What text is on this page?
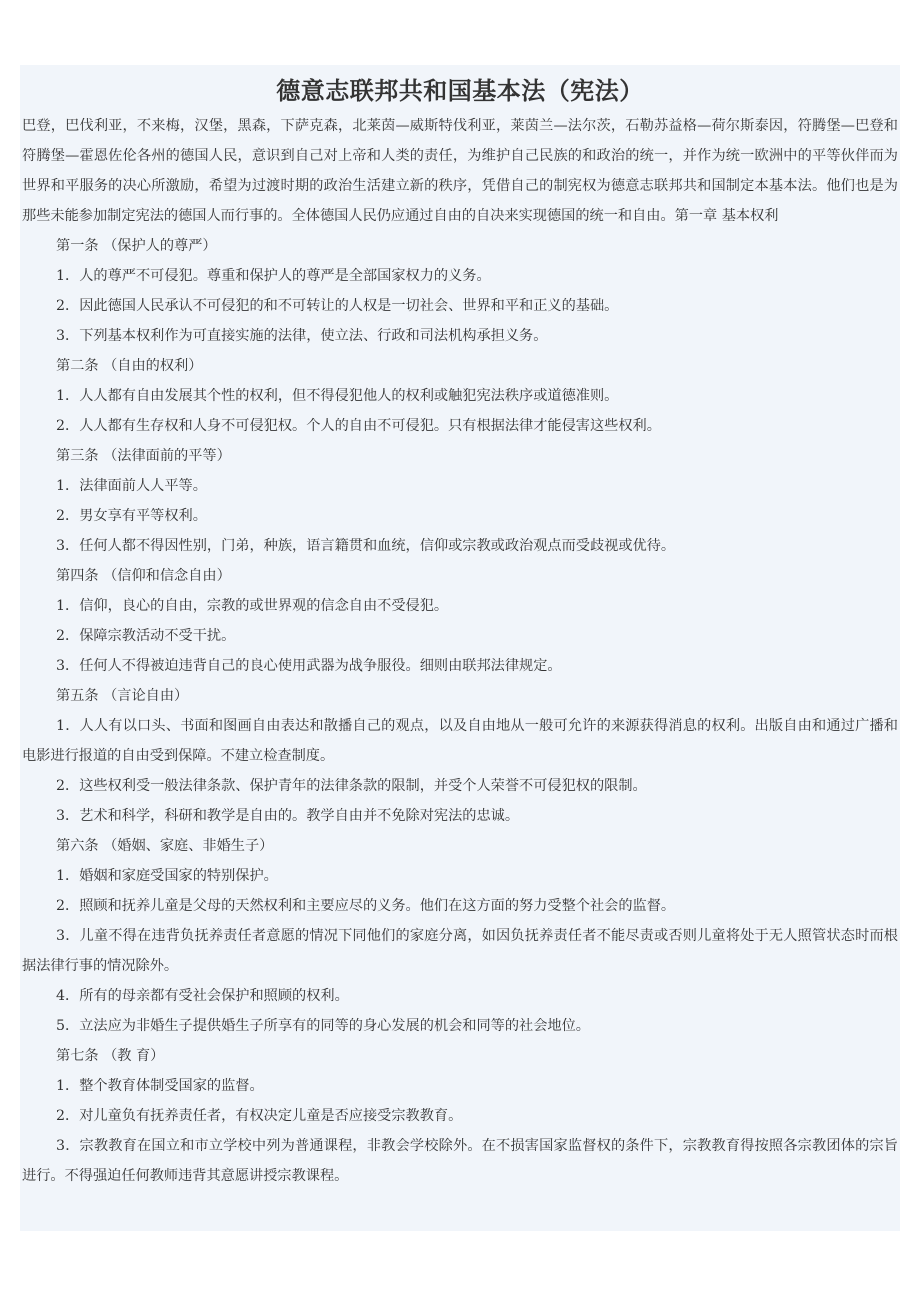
德意志联邦共和国基本法（宪法）

巴登，巴伐利亚，不来梅，汉堡，黑森，下萨克森，北莱茵—威斯特伐利亚，莱茵兰—法尔茨，石勒苏益格—荷尔斯泰因，符腾堡—巴登和符腾堡—霍恩佐伦各州的德国人民，意识到自己对上帝和人类的责任，为维护自己民族的和政治的统一，并作为统一欧洲中的平等伙伴而为世界和平服务的决心所激励，希望为过渡时期的政治生活建立新的秩序，凭借自己的制宪权为德意志联邦共和国制定本基本法。他们也是为那些未能参加制定宪法的德国人而行事的。全体德国人民仍应通过自由的自决来实现德国的统一和自由。第一章 基本权利

第一条 （保护人的尊严）

1．人的尊严不可侵犯。尊重和保护人的尊严是全部国家权力的义务。

2．因此德国人民承认不可侵犯的和不可转让的人权是一切社会、世界和平和正义的基础。

3．下列基本权利作为可直接实施的法律，使立法、行政和司法机构承担义务。

第二条 （自由的权利）

1．人人都有自由发展其个性的权利，但不得侵犯他人的权利或触犯宪法秩序或道德准则。

2．人人都有生存权和人身不可侵犯权。个人的自由不可侵犯。只有根据法律才能侵害这些权利。

第三条 （法律面前的平等）

1．法律面前人人平等。

2．男女享有平等权利。

3．任何人都不得因性别，门弟，种族，语言籍贯和血统，信仰或宗教或政治观点而受歧视或优待。

第四条 （信仰和信念自由）

1．信仰，良心的自由，宗教的或世界观的信念自由不受侵犯。

2．保障宗教活动不受干扰。

3．任何人不得被迫违背自己的良心使用武器为战争服役。细则由联邦法律规定。

第五条 （言论自由）

1．人人有以口头、书面和图画自由表达和散播自己的观点，以及自由地从一般可允许的来源获得消息的权利。出版自由和通过广播和电影进行报道的自由受到保障。不建立检查制度。

2．这些权利受一般法律条款、保护青年的法律条款的限制，并受个人荣誉不可侵犯权的限制。

3．艺术和科学，科研和教学是自由的。教学自由并不免除对宪法的忠诚。

第六条 （婚姻、家庭、非婚生子）

1．婚姻和家庭受国家的特别保护。

2．照顾和抚养儿童是父母的天然权利和主要应尽的义务。他们在这方面的努力受整个社会的监督。

3．儿童不得在违背负抚养责任者意愿的情况下同他们的家庭分离，如因负抚养责任者不能尽责或否则儿童将处于无人照管状态时而根据法律行事的情况除外。

4．所有的母亲都有受社会保护和照顾的权利。

5．立法应为非婚生子提供婚生子所享有的同等的身心发展的机会和同等的社会地位。

第七条 （教 育）

1．整个教育体制受国家的监督。

2．对儿童负有抚养责任者，有权决定儿童是否应接受宗教教育。

3．宗教教育在国立和市立学校中列为普通课程，非教会学校除外。在不损害国家监督权的条件下，宗教教育得按照各宗教团体的宗旨进行。不得强迫任何教师违背其意愿讲授宗教课程。
